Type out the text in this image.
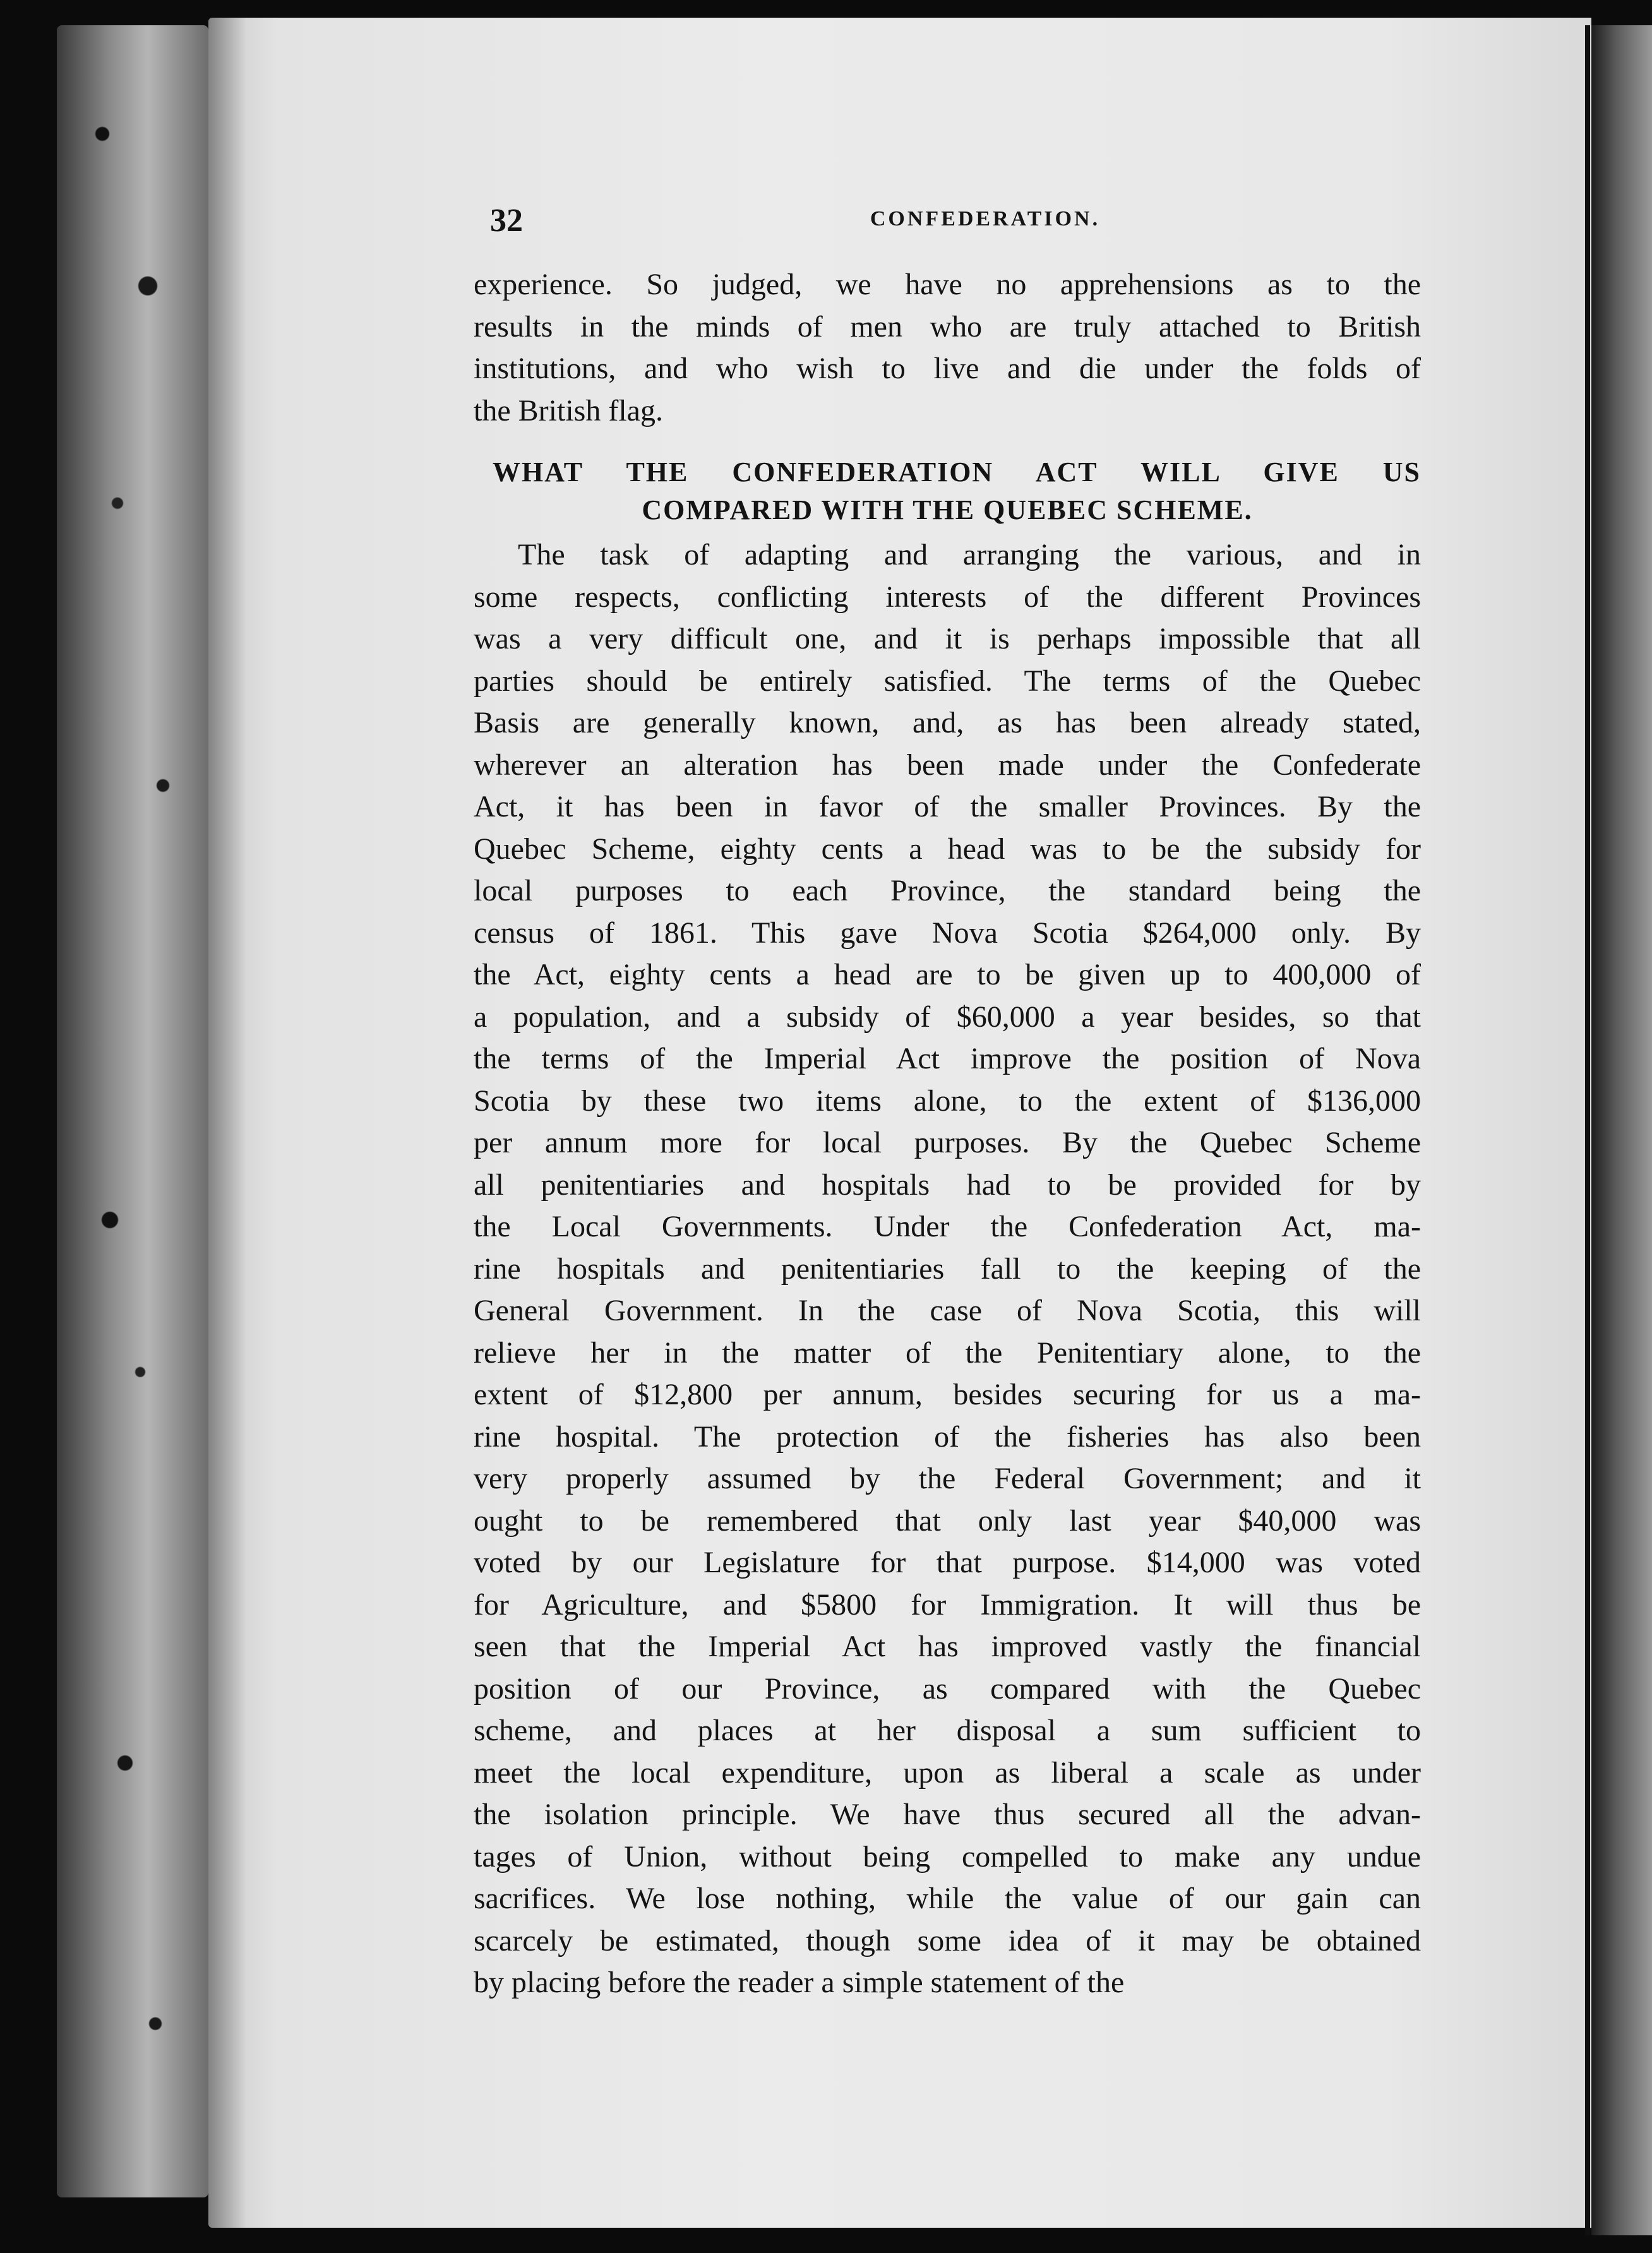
32	CONFEDERATION.

experience. So judged, we have no apprehensions as to the
results in the minds of men who are truly attached to British
institutions, and who wish to live and die under the folds of
the British flag.

WHAT THE CONFEDERATION ACT WILL GIVE US
COMPARED WITH THE QUEBEC SCHEME.

The task of adapting and arranging the various, and in
some respects, conflicting interests of the different Provinces
was a very difficult one, and it is perhaps impossible that all
parties should be entirely satisfied. The terms of the Quebec
Basis are generally known, and, as has been already stated,
wherever an alteration has been made under the Confederate
Act, it has been in favor of the smaller Provinces. By the
Quebec Scheme, eighty cents a head was to be the subsidy for
local purposes to each Province, the standard being the
census of 1861. This gave Nova Scotia $264,000 only. By
the Act, eighty cents a head are to be given up to 400,000 of
a population, and a subsidy of $60,000 a year besides, so that
the terms of the Imperial Act improve the position of Nova
Scotia by these two items alone, to the extent of $136,000
per annum more for local purposes. By the Quebec Scheme
all penitentiaries and hospitals had to be provided for by
the Local Governments. Under the Confederation Act, ma-
rine hospitals and penitentiaries fall to the keeping of the
General Government. In the case of Nova Scotia, this will
relieve her in the matter of the Penitentiary alone, to the
extent of $12,800 per annum, besides securing for us a ma-
rine hospital. The protection of the fisheries has also been
very properly assumed by the Federal Government; and it
ought to be remembered that only last year $40,000 was
voted by our Legislature for that purpose. $14,000 was voted
for Agriculture, and $5800 for Immigration. It will thus be
seen that the Imperial Act has improved vastly the financial
position of our Province, as compared with the Quebec
scheme, and places at her disposal a sum sufficient to
meet the local expenditure, upon as liberal a scale as under
the isolation principle. We have thus secured all the advan-
tages of Union, without being compelled to make any undue
sacrifices. We lose nothing, while the value of our gain can
scarcely be estimated, though some idea of it may be obtained
by placing before the reader a simple statement of the
